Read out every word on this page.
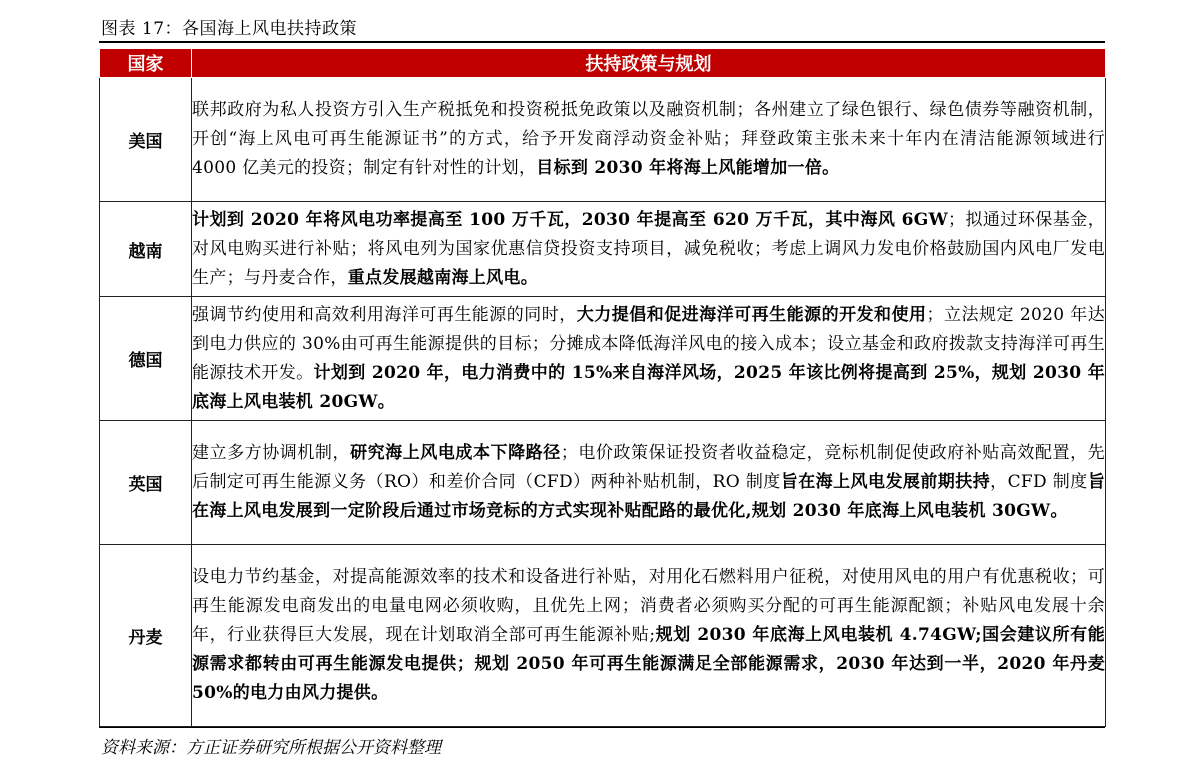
图表 17：各国海上风电扶持政策
国家	扶持政策与规划
美国	联邦政府为私人投资方引入生产税抵免和投资税抵免政策以及融资机制；各州建立了绿色银行、绿色债券等融资机制，开创“海上风电可再生能源证书”的方式，给予开发商浮动资金补贴；拜登政策主张未来十年内在清洁能源领域进行 4000 亿美元的投资；制定有针对性的计划，目标到 2030 年将海上风能增加一倍。
越南	计划到 2020 年将风电功率提高至 100 万千瓦，2030 年提高至 620 万千瓦，其中海风 6GW；拟通过环保基金，对风电购买进行补贴；将风电列为国家优惠信贷投资支持项目，减免税收；考虑上调风力发电价格鼓励国内风电厂发电生产；与丹麦合作，重点发展越南海上风电。
德国	强调节约使用和高效利用海洋可再生能源的同时，大力提倡和促进海洋可再生能源的开发和使用；立法规定 2020 年达到电力供应的 30%由可再生能源提供的目标；分摊成本降低海洋风电的接入成本；设立基金和政府拨款支持海洋可再生能源技术开发。计划到 2020 年，电力消费中的 15%来自海洋风场，2025 年该比例将提高到 25%，规划 2030 年底海上风电装机 20GW。
英国	建立多方协调机制，研究海上风电成本下降路径；电价政策保证投资者收益稳定，竞标机制促使政府补贴高效配置，先后制定可再生能源义务（RO）和差价合同（CFD）两种补贴机制，RO 制度旨在海上风电发展前期扶持，CFD 制度旨在海上风电发展到一定阶段后通过市场竞标的方式实现补贴配路的最优化,规划 2030 年底海上风电装机 30GW。
丹麦	设电力节约基金，对提高能源效率的技术和设备进行补贴，对用化石燃料用户征税，对使用风电的用户有优惠税收；可再生能源发电商发出的电量电网必须收购，且优先上网；消费者必须购买分配的可再生能源配额；补贴风电发展十余年，行业获得巨大发展，现在计划取消全部可再生能源补贴;规划 2030 年底海上风电装机 4.74GW;国会建议所有能源需求都转由可再生能源发电提供；规划 2050 年可再生能源满足全部能源需求，2030 年达到一半，2020 年丹麦 50%的电力由风力提供。
资料来源：方正证券研究所根据公开资料整理
